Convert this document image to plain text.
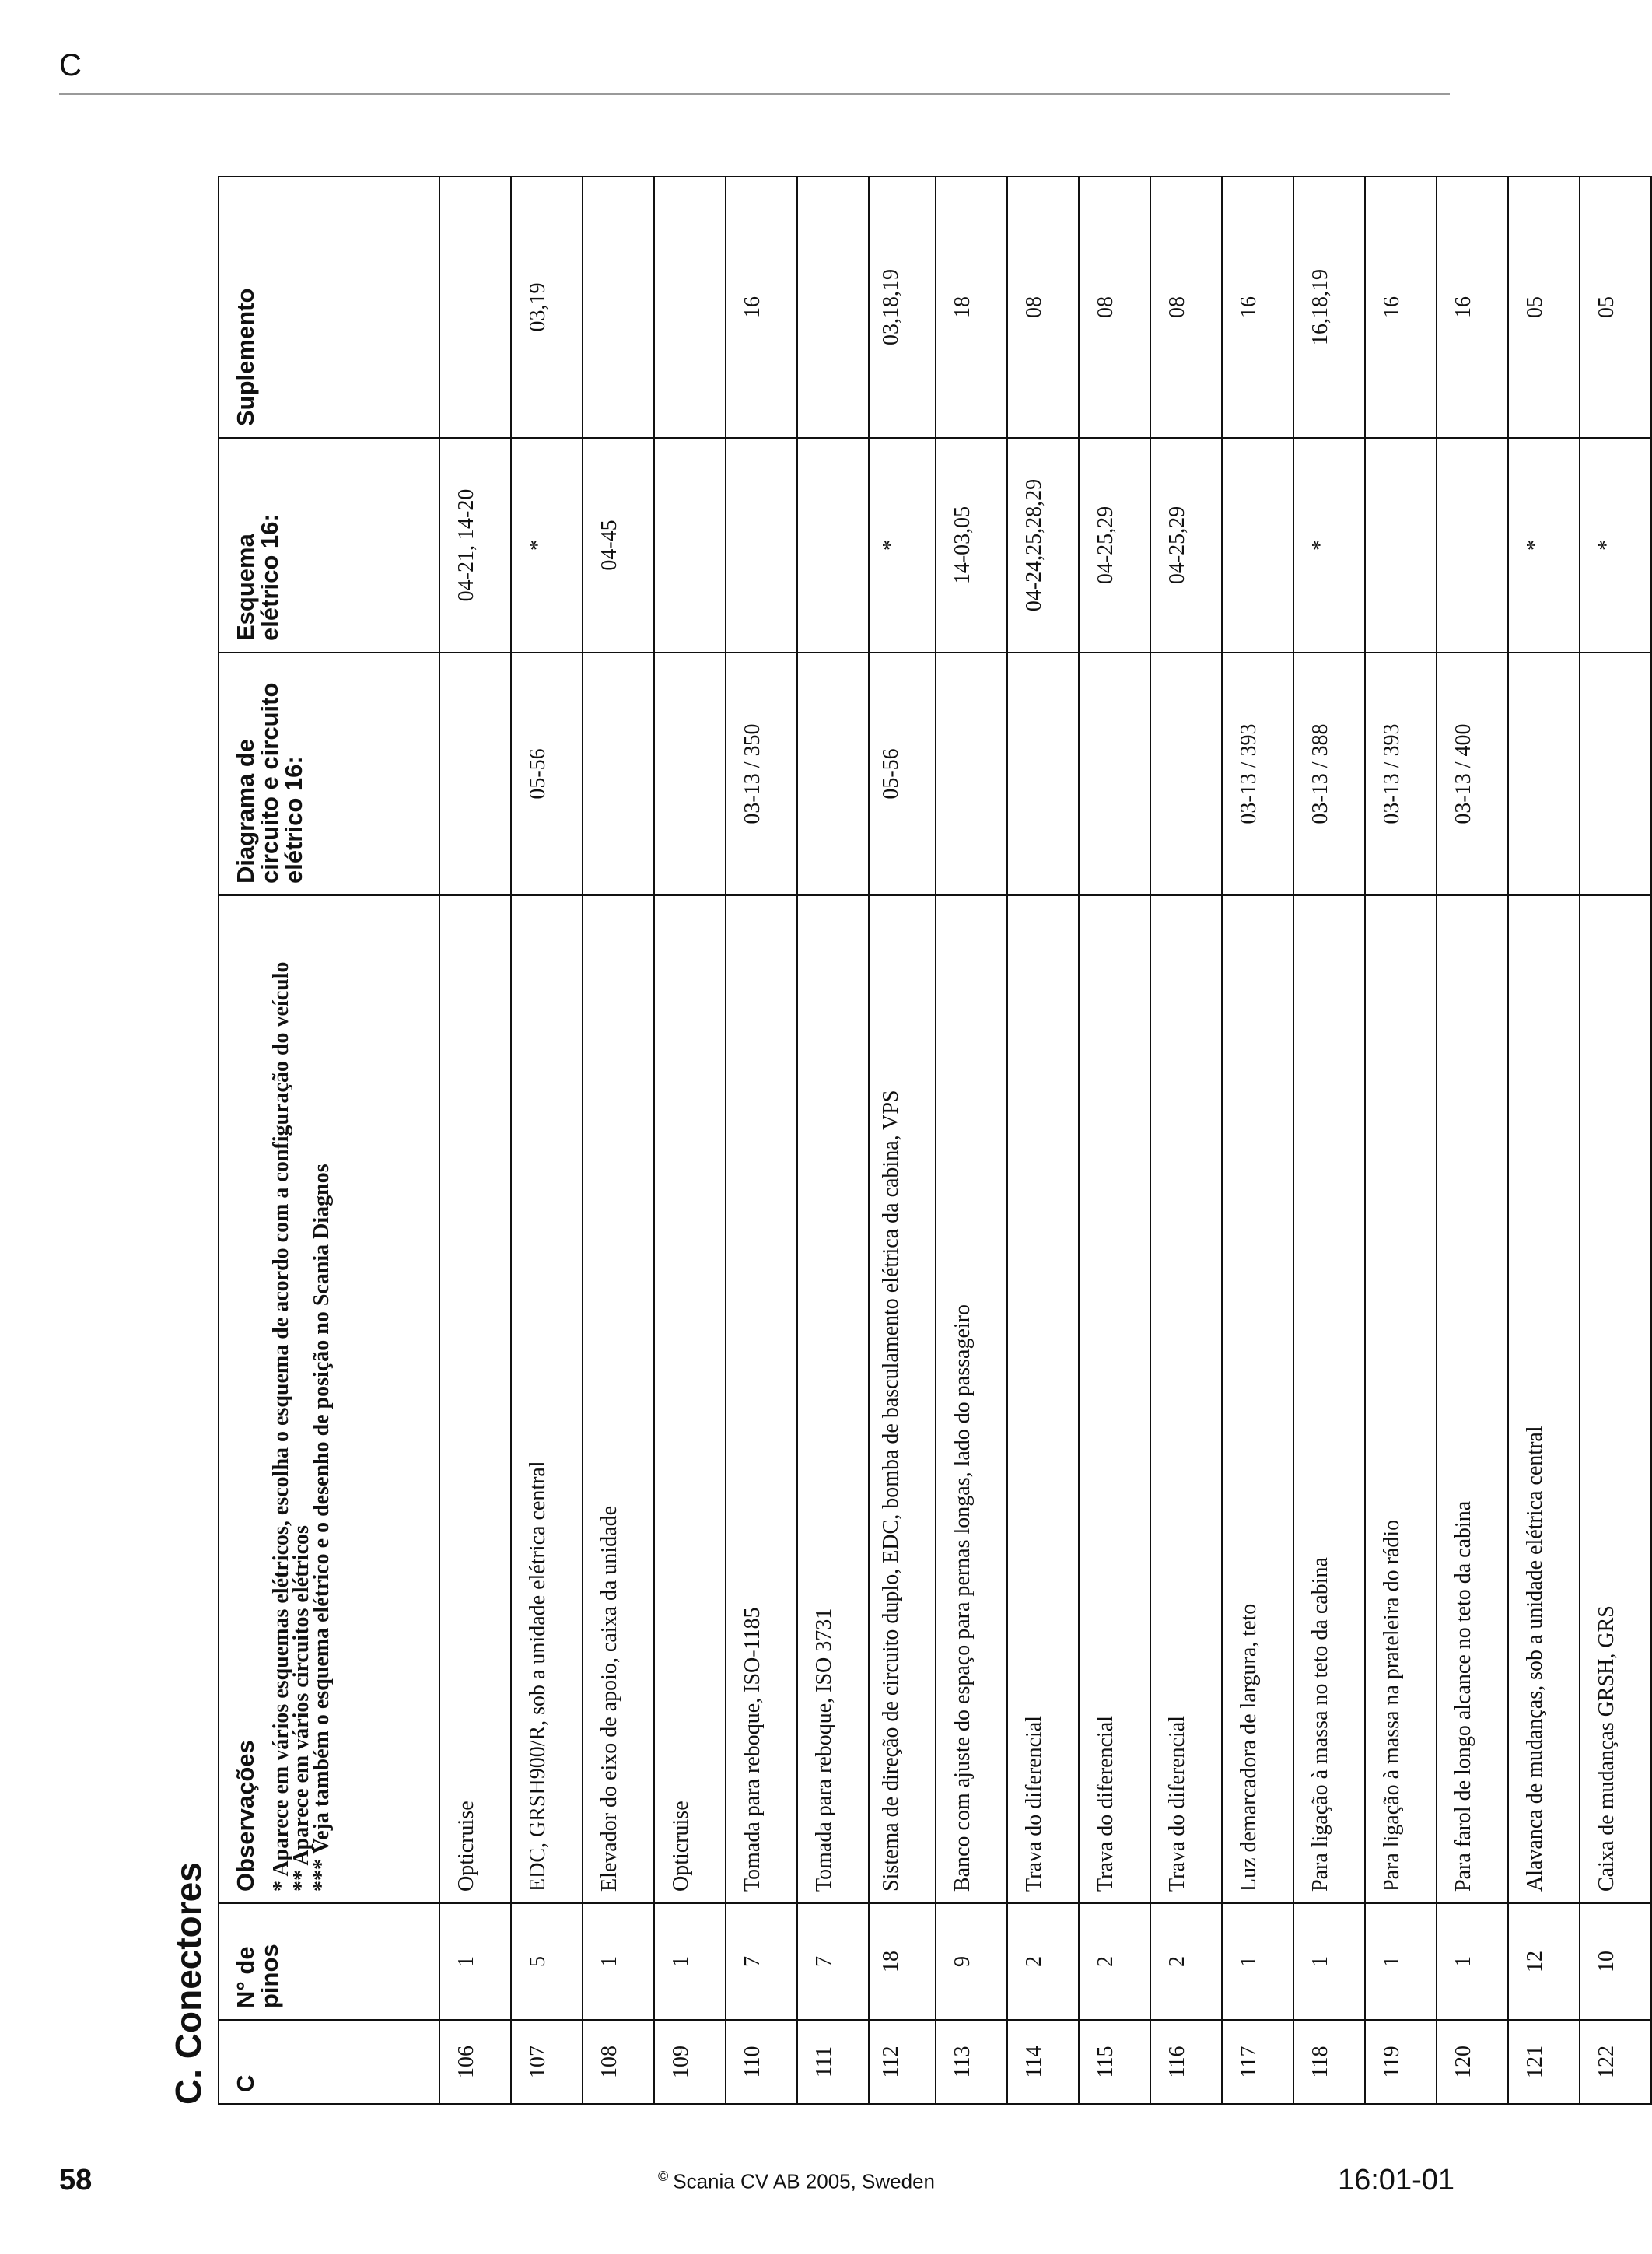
C
C. Conectores C	N° de pinos	Observações * Aparece em vários esquemas elétricos, escolha o esquema de acordo com a configuração do veículo
** Aparece em vários circuitos elétricos
*** Veja também o esquema elétrico e o desenho de posição no Scania Diagnos	Diagrama de circuito e circuito elétrico 16:	Esquema elétrico 16:	Suplemento
106	1	Opticruise		04-21, 14-20	
107	5	EDC, GRSH900/R, sob a unidade elétrica central	05-56	*	03,19
108	1	Elevador do eixo de apoio, caixa da unidade		04-45	
109	1	Opticruise			
110	7	Tomada para reboque, ISO-1185	03-13 / 350		16
111	7	Tomada para reboque, ISO 3731			
112	18	Sistema de direção de circuito duplo, EDC, bomba de basculamento elétrica da cabina, VPS	05-56	*	03,18,19
113	9	Banco com ajuste do espaço para pernas longas, lado do passageiro		14-03,05	18
114	2	Trava do diferencial		04-24,25,28,29	08
115	2	Trava do diferencial		04-25,29	08
116	2	Trava do diferencial		04-25,29	08
117	1	Luz demarcadora de largura, teto	03-13 / 393		16
118	1	Para ligação à massa no teto da cabina	03-13 / 388	*	16,18,19
119	1	Para ligação à massa na prateleira do rádio	03-13 / 393		16
120	1	Para farol de longo alcance no teto da cabina	03-13 / 400		16
121	12	Alavanca de mudanças, sob a unidade elétrica central		*	05
122	10	Caixa de mudanças GRSH, GRS		*	05
58	© Scania CV AB 2005, Sweden	16:01-01
